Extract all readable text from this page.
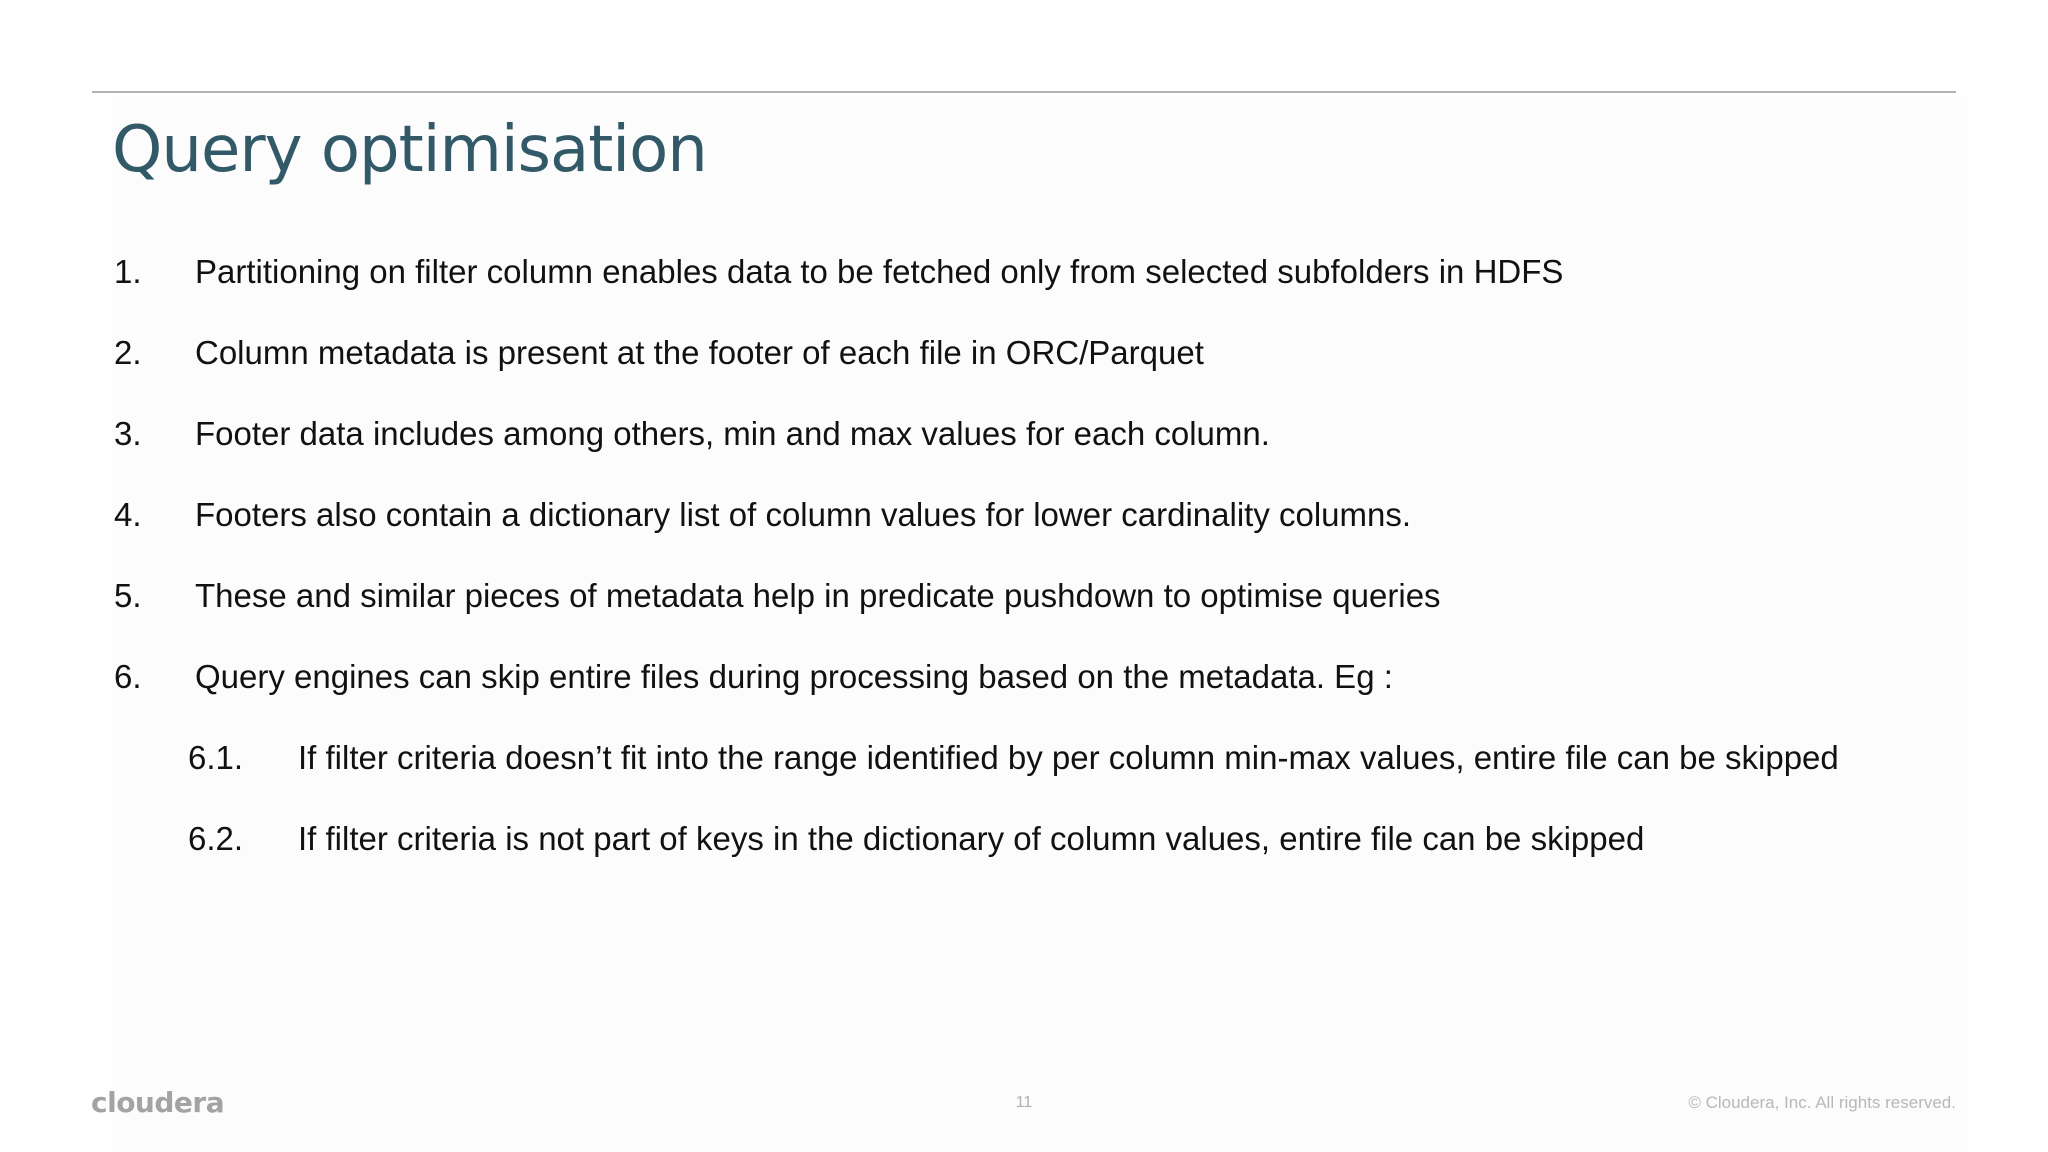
Query optimisation
1. Partitioning on filter column enables data to be fetched only from selected subfolders in HDFS
2. Column metadata is present at the footer of each file in ORC/Parquet
3. Footer data includes among others, min and max values for each column.
4. Footers also contain a dictionary list of column values for lower cardinality columns.
5. These and similar pieces of metadata help in predicate pushdown to optimise queries
6. Query engines can skip entire files during processing based on the metadata. Eg :
6.1. If filter criteria doesn’t fit into the range identified by per column min-max values, entire file can be skipped
6.2. If filter criteria is not part of keys in the dictionary of column values, entire file can be skipped
cloudera	11	© Cloudera, Inc. All rights reserved.
